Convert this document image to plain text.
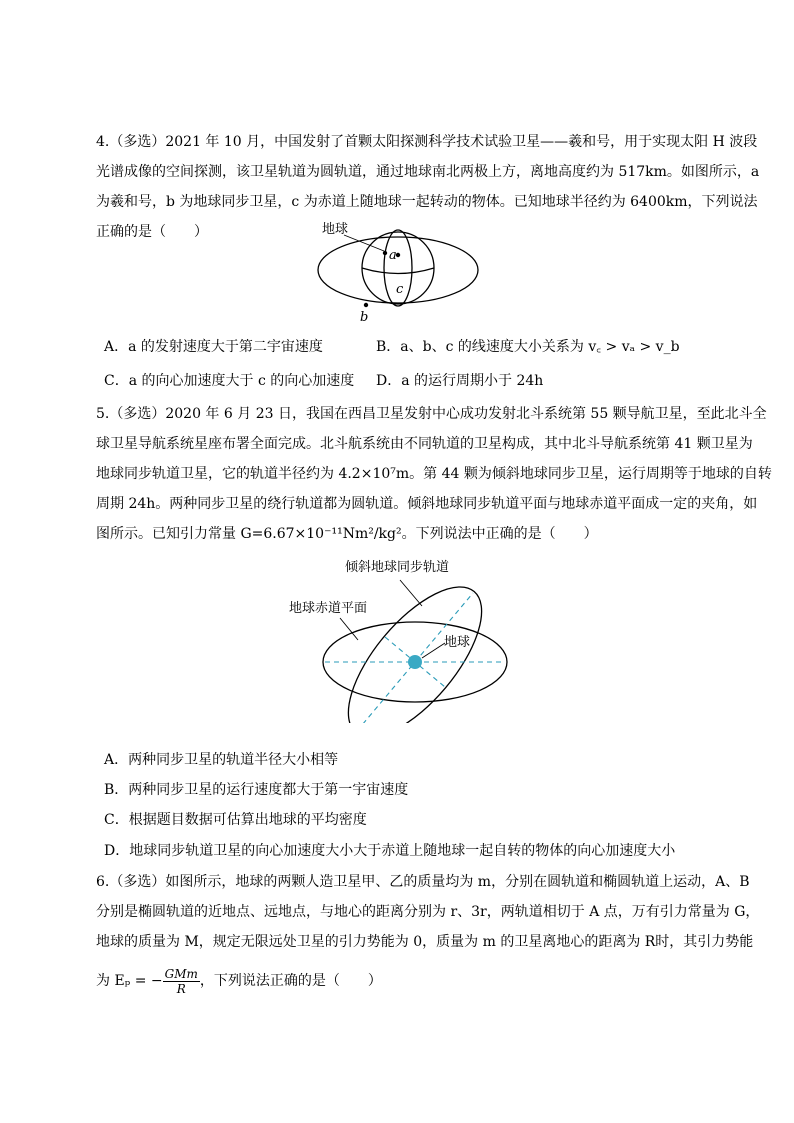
4.（多选）2021 年 10 月，中国发射了首颗太阳探测科学技术试验卫星——羲和号，用于实现太阳 H 波段
光谱成像的空间探测，该卫星轨道为圆轨道，通过地球南北两极上方，离地高度约为 517km。如图所示，a
为羲和号，b 为地球同步卫星，c 为赤道上随地球一起转动的物体。已知地球半径约为 6400km，下列说法
正确的是（　　）	地球
a
c
b
A．a 的发射速度大于第二宇宙速度	B．a、b、c 的线速度大小关系为 v꜀ > vₐ > v_b
C．a 的向心加速度大于 c 的向心加速度 D．a 的运行周期小于 24h
5.（多选）2020 年 6 月 23 日，我国在西昌卫星发射中心成功发射北斗系统第 55 颗导航卫星，至此北斗全
球卫星导航系统星座布署全面完成。北斗航系统由不同轨道的卫星构成，其中北斗导航系统第 41 颗卫星为
地球同步轨道卫星，它的轨道半径约为 4.2×10⁷m。第 44 颗为倾斜地球同步卫星，运行周期等于地球的自转
周期 24h。两种同步卫星的绕行轨道都为圆轨道。倾斜地球同步轨道平面与地球赤道平面成一定的夹角，如
图所示。已知引力常量 G=6.67×10⁻¹¹Nm²/kg²。下列说法中正确的是（　　）
倾斜地球同步轨道
地球赤道平面
地球
A．两种同步卫星的轨道半径大小相等
B．两种同步卫星的运行速度都大于第一宇宙速度
C．根据题目数据可估算出地球的平均密度
D．地球同步轨道卫星的向心加速度大小大于赤道上随地球一起自转的物体的向心加速度大小
6.（多选）如图所示，地球的两颗人造卫星甲、乙的质量均为 m，分别在圆轨道和椭圆轨道上运动，A、B
分别是椭圆轨道的近地点、远地点，与地心的距离分别为 r、3r，两轨道相切于 A 点，万有引力常量为 G，
地球的质量为 M，规定无限远处卫星的引力势能为 0，质量为 m 的卫星离地心的距离为 R时，其引力势能
为 Eₚ = − $\frac{\text{GMm}}{R}$ ，下列说法正确的是（　　）
